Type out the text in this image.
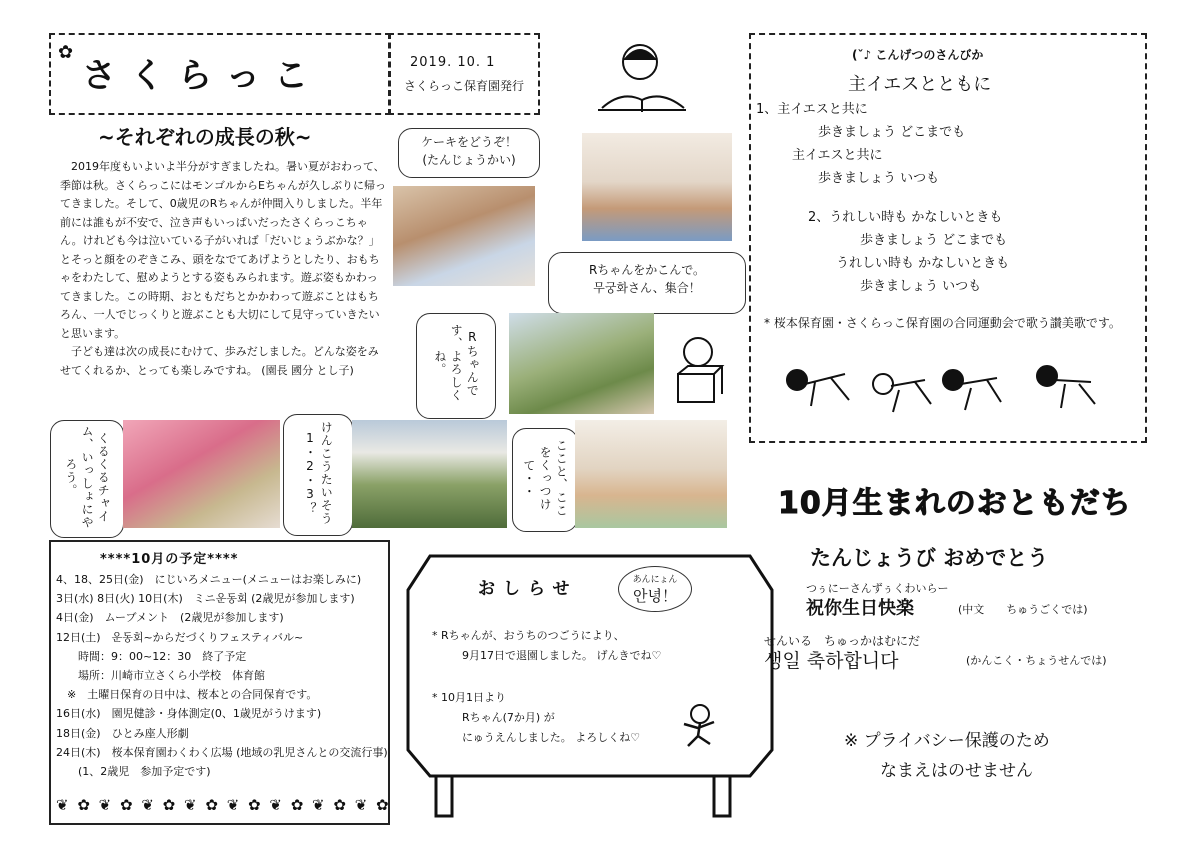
さくらっこ
✿	2019. 10. 1
さくらっこ保育園発行
~それぞれの成長の秋~

2019年度もいよいよ半分がすぎましたね。暑い夏がおわって、季節は秋。さくらっこにはモンゴルからEちゃんが久しぶりに帰ってきました。そして、0歳児のRちゃんが仲間入りしました。半年前には誰もが不安で、泣き声もいっぱいだったさくらっこちゃん。けれども今は泣いている子がいれば「だいじょうぶかな？」とそっと顔をのぞきこみ、頭をなでてあげようとしたり、おもちゃをわたして、慰めようとする姿もみられます。遊ぶ姿もかわってきました。この時期、おともだちとかかわって遊ぶことはもちろん、一人でじっくりと遊ぶことも大切にして見守っていきたいと思います。

子ども達は次の成長にむけて、歩みだしました。どんな姿をみせてくれるか、とっても楽しみですね。 (園長 國分 とし子)

ケーキをどうぞ！
(たんじょうかい)
Rちゃんをかこんで。
무궁화さん、集合！
Rちゃんです、よろしくね。
くるくるチャイム、いっしょにやろう。	けんこうたいそう 1・2・3？	ここと、ここをくっつけて・・
(ˇ♪ こんげつのさんびか
主イエスとともに
1、主イエスと共に
歩きましょう どこまでも
主イエスと共に
歩きましょう いつも
2、うれしい時も かなしいときも
歩きましょう どこまでも
うれしい時も かなしいときも
歩きましょう いつも
* 桜本保育園・さくらっこ保育園の合同運動会で歌う讃美歌です。
****10月の予定****
4、18、25日(金)　にじいろメニュー(メニューはお楽しみに)
3日(水) 8日(火) 10日(木)　ミニ운동회 (2歳児が参加します)
4日(金)　ムーブメント　(2歳児が参加します)
12日(土)　운동회~からだづくりフェスティバル~
　　時間：9：00~12：30　終了予定
　　場所：川崎市立さくら小学校　体育館
　※　土曜日保育の日中は、桜本との合同保育です。
16日(水)　園児健診・身体測定(0、1歳児がうけます)
18日(金)　ひとみ座人形劇
24日(木)　桜本保育園わくわく広場 (地域の乳児さんとの交流行事)
　　(1、2歳児　参加予定です)
❦ ✿ ❦ ✿ ❦ ✿ ❦ ✿ ❦ ✿ ❦ ✿ ❦ ✿ ❦ ✿
おしらせ	あんにょん
안녕！
* Rちゃんが、おうちのつごうにより、
9月17日で退園しました。 げんきでね♡
* 10月1日より
Rちゃん(7か月) が
にゅうえんしました。 よろしくね♡
10月生まれのおともだち
たんじょうび おめでとう
つぅにーさんずぅくわいらー
祝你生日快楽	(中文　　ちゅうごくでは)
せんいる　ちゅっかはむにだ
생일 축하합니다	(かんこく・ちょうせんでは)
※ プライバシー保護のため
なまえはのせません
